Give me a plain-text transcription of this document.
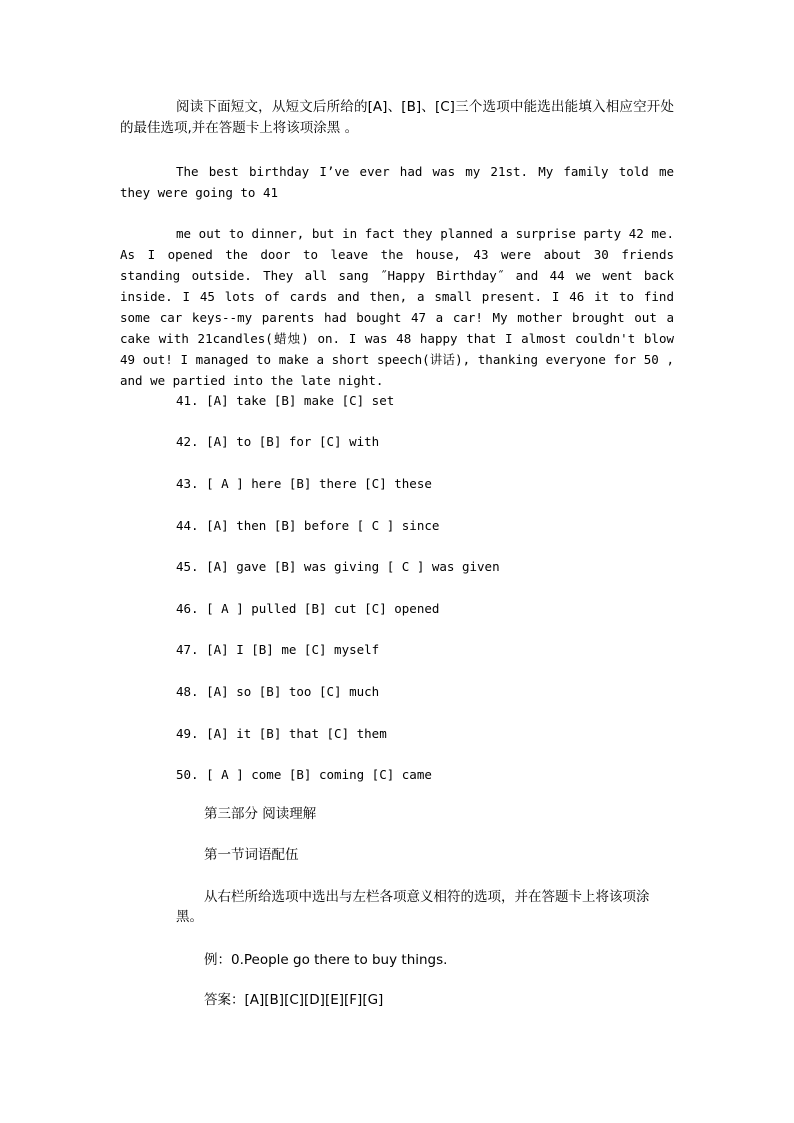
阅读下面短文，从短文后所给的[A]、[B]、[C]三个选项中能选出能填入相应空开处的最佳选项,并在答题卡上将该项涂黑 。

The best birthday I’ve ever had was my 21st. My family told me they were going to 41

me out to dinner, but in fact they planned a surprise party 42 me. As I opened the door to leave the house, 43 were about 30 friends standing outside. They all sang ˝Happy Birthday˝ and 44 we went back inside. I 45 lots of cards and then, a small present. I 46 it to find some car keys--my parents had bought 47 a car! My mother brought out a cake with 21candles(蜡烛) on. I was 48 happy that I almost couldn't blow 49 out! I managed to make a short speech(讲话), thanking everyone for 50 , and we partied into the late night.

41. [A] take [B] make [C] set

42. [A] to [B] for [C] with

43. [ A ] here [B] there [C] these

44. [A] then [B] before [ C ] since

45. [A] gave [B] was giving [ C ] was given

46. [ A ] pulled [B] cut [C] opened

47. [A] I [B] me [C] myself

48. [A] so [B] too [C] much

49. [A] it [B] that [C] them

50. [ A ] come [B] coming [C] came

第三部分 阅读理解

第一节词语配伍

从右栏所给选项中选出与左栏各项意义相符的选项，并在答题卡上将该项涂黑。

例：0.People go there to buy things.

答案：[A][B][C][D][E][F][G]
